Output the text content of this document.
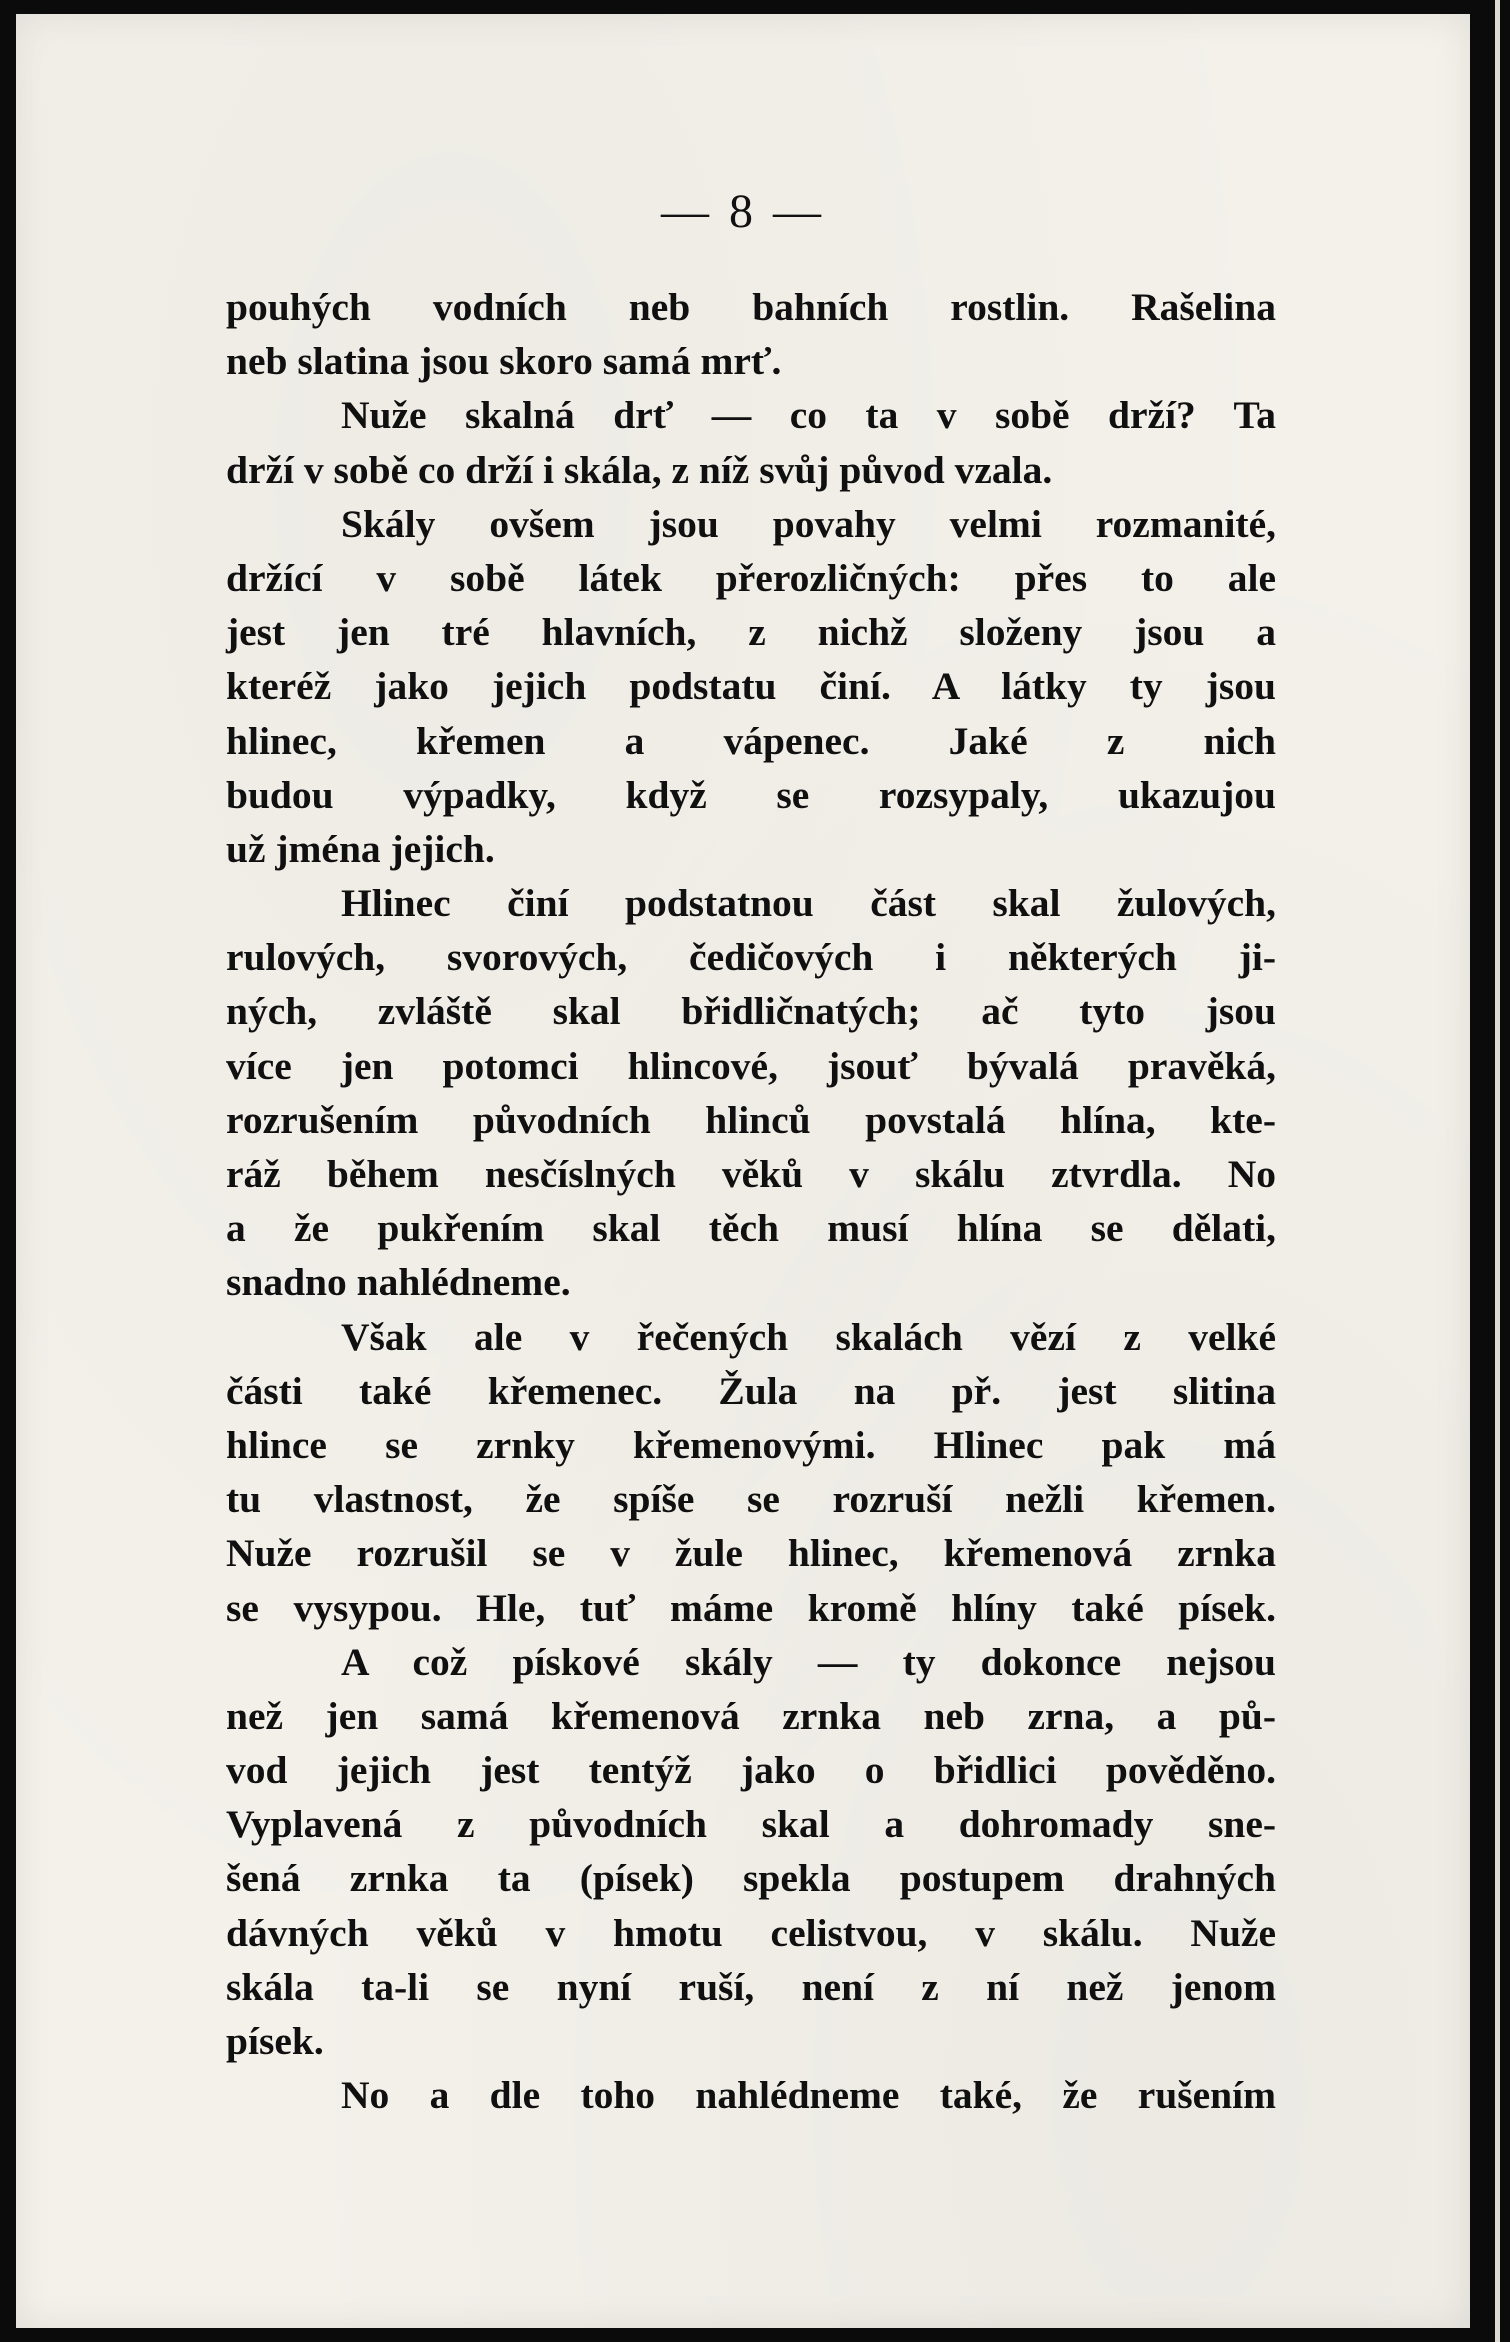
— 8 —
pouhých vodních neb bahních rostlin. Rašelina
neb slatina jsou skoro samá mrť.
Nuže skalná drť — co ta v sobě drží? Ta
drží v sobě co drží i skála, z níž svůj původ vzala.
Skály ovšem jsou povahy velmi rozmanité,
držící v sobě látek přerozličných: přes to ale
jest jen tré hlavních, z nichž složeny jsou a
kteréž jako jejich podstatu činí. A látky ty jsou
hlinec, křemen a vápenec. Jaké z nich
budou výpadky, když se rozsypaly, ukazujou
už jména jejich.
Hlinec činí podstatnou část skal žulových,
rulových, svorových, čedičových i některých ji-
ných, zvláště skal břidličnatých; ač tyto jsou
více jen potomci hlincové, jsouť bývalá pravěká,
rozrušením původních hlinců povstalá hlína, kte-
ráž během nesčíslných věků v skálu ztvrdla. No
a že pukřením skal těch musí hlína se dělati,
snadno nahlédneme.
Však ale v řečených skalách vězí z velké
části také křemenec. Žula na př. jest slitina
hlince se zrnky křemenovými. Hlinec pak má
tu vlastnost, že spíše se rozruší nežli křemen.
Nuže rozrušil se v žule hlinec, křemenová zrnka
se vysypou. Hle, tuť máme kromě hlíny také písek.
A což pískové skály — ty dokonce nejsou
než jen samá křemenová zrnka neb zrna, a pů-
vod jejich jest tentýž jako o břidlici pověděno.
Vyplavená z původních skal a dohromady sne-
šená zrnka ta (písek) spekla postupem drahných
dávných věků v hmotu celistvou, v skálu. Nuže
skála ta-li se nyní ruší, není z ní než jenom
písek.
No a dle toho nahlédneme také, že rušením
